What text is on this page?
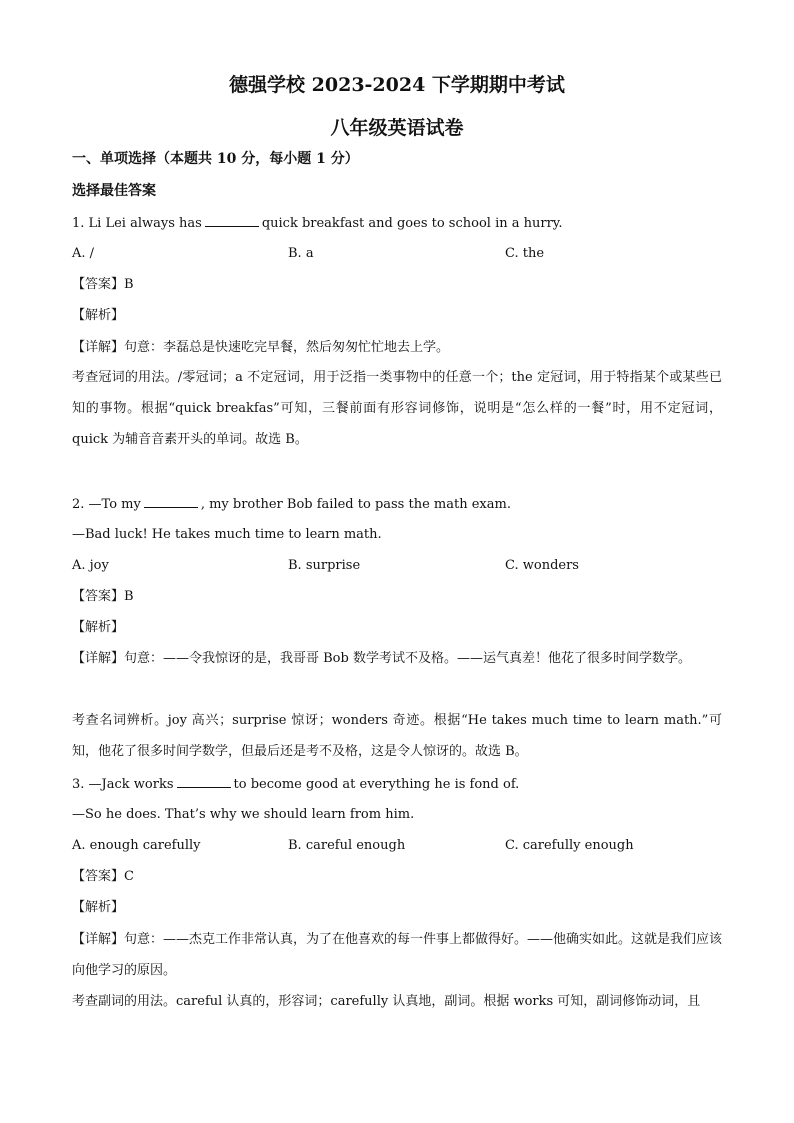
德强学校 2023-2024 下学期期中考试
八年级英语试卷
一、单项选择（本题共 10 分，每小题 1 分）
选择最佳答案
1. Li Lei always has	quick breakfast and goes to school in a hurry.
A. /	B. a	C. the
【答案】B
【解析】
【详解】句意：李磊总是快速吃完早餐，然后匆匆忙忙地去上学。
考查冠词的用法。/零冠词；a 不定冠词，用于泛指一类事物中的任意一个；the 定冠词，用于特指某个或某些已知的事物。根据“quick breakfas”可知，三餐前面有形容词修饰，说明是“怎么样的一餐”时，用不定冠词，quick 为辅音音素开头的单词。故选 B。
2. —To my	, my brother Bob failed to pass the math exam.
—Bad luck! He takes much time to learn math.
A. joy	B. surprise	C. wonders
【答案】B
【解析】
【详解】句意：——令我惊讶的是，我哥哥 Bob 数学考试不及格。——运气真差！他花了很多时间学数学。
考查名词辨析。joy 高兴；surprise 惊讶；wonders 奇迹。根据“He takes much time to learn math.”可知，他花了很多时间学数学，但最后还是考不及格，这是令人惊讶的。故选 B。
3. —Jack works	to become good at everything he is fond of.
—So he does. That’s why we should learn from him.
A. enough carefully	B. careful enough	C. carefully enough
【答案】C
【解析】
【详解】句意：——杰克工作非常认真，为了在他喜欢的每一件事上都做得好。——他确实如此。这就是我们应该向他学习的原因。
考查副词的用法。careful 认真的，形容词；carefully 认真地，副词。根据 works 可知，副词修饰动词，且
